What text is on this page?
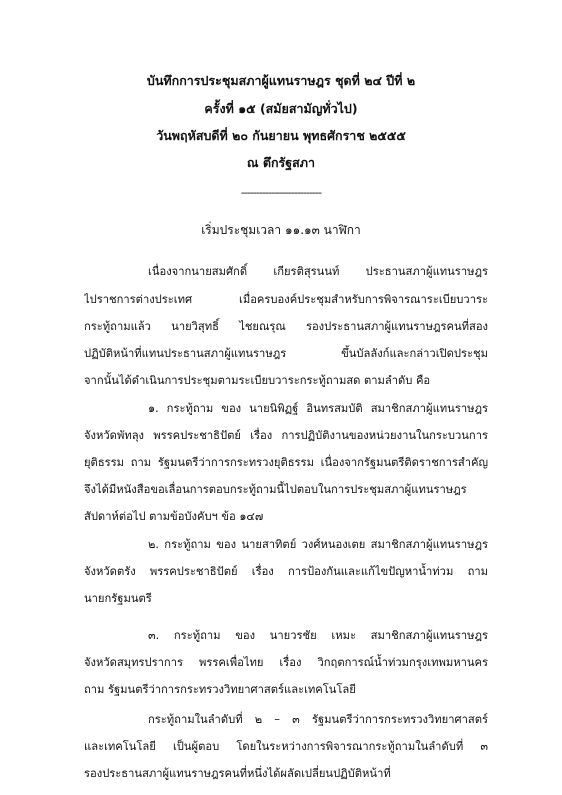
บันทึกการประชุมสภาผู้แทนราษฎร ชุดที่ ๒๔ ปีที่ ๒
ครั้งที่ ๑๕ (สมัยสามัญทั่วไป)
วันพฤหัสบดีที่ ๒๐ กันยายน พุทธศักราช ๒๕๕๕
ณ ตึกรัฐสภา
---------------------------
เริ่มประชุมเวลา ๑๑.๑๓ นาฬิกา
เนื่องจากนายสมศักดิ์ เกียรติสุรนนท์ ประธานสภาผู้แทนราษฎร
ไปราชการต่างประเทศ เมื่อครบองค์ประชุมสำหรับการพิจารณาระเบียบวาระ
กระทู้ถามแล้ว นายวิสุทธิ์ ไชยณรุณ รองประธานสภาผู้แทนราษฎรคนที่สอง
ปฏิบัติหน้าที่แทนประธานสภาผู้แทนราษฎร ขึ้นบัลลังก์และกล่าวเปิดประชุม
จากนั้นได้ดำเนินการประชุมตามระเบียบวาระกระทู้ถามสด ตามลำดับ คือ
๑. กระทู้ถาม ของ นายนิพิฏฐ์ อินทรสมบัติ สมาชิกสภาผู้แทนราษฎร
จังหวัดพัทลุง พรรคประชาธิปัตย์ เรื่อง การปฏิบัติงานของหน่วยงานในกระบวนการ
ยุติธรรม ถาม รัฐมนตรีว่าการกระทรวงยุติธรรม เนื่องจากรัฐมนตรีติดราชการสำคัญ
จึงได้มีหนังสือขอเลื่อนการตอบกระทู้ถามนี้ไปตอบในการประชุมสภาผู้แทนราษฎร
สัปดาห์ต่อไป ตามข้อบังคับฯ ข้อ ๑๔๗
๒. กระทู้ถาม ของ นายสาทิตย์ วงศ์หนองเตย สมาชิกสภาผู้แทนราษฎร
จังหวัดตรัง พรรคประชาธิปัตย์ เรื่อง การป้องกันและแก้ไขปัญหาน้ำท่วม ถาม
นายกรัฐมนตรี
๓. กระทู้ถาม ของ นายวรชัย เหมะ สมาชิกสภาผู้แทนราษฎร
จังหวัดสมุทรปราการ พรรคเพื่อไทย เรื่อง วิกฤตการณ์น้ำท่วมกรุงเทพมหานคร
ถาม รัฐมนตรีว่าการกระทรวงวิทยาศาสตร์และเทคโนโลยี
กระทู้ถามในลำดับที่ ๒ – ๓ รัฐมนตรีว่าการกระทรวงวิทยาศาสตร์
และเทคโนโลยี เป็นผู้ตอบ โดยในระหว่างการพิจารณากระทู้ถามในลำดับที่ ๓
รองประธานสภาผู้แทนราษฎรคนที่หนึ่งได้ผลัดเปลี่ยนปฏิบัติหน้าที่
